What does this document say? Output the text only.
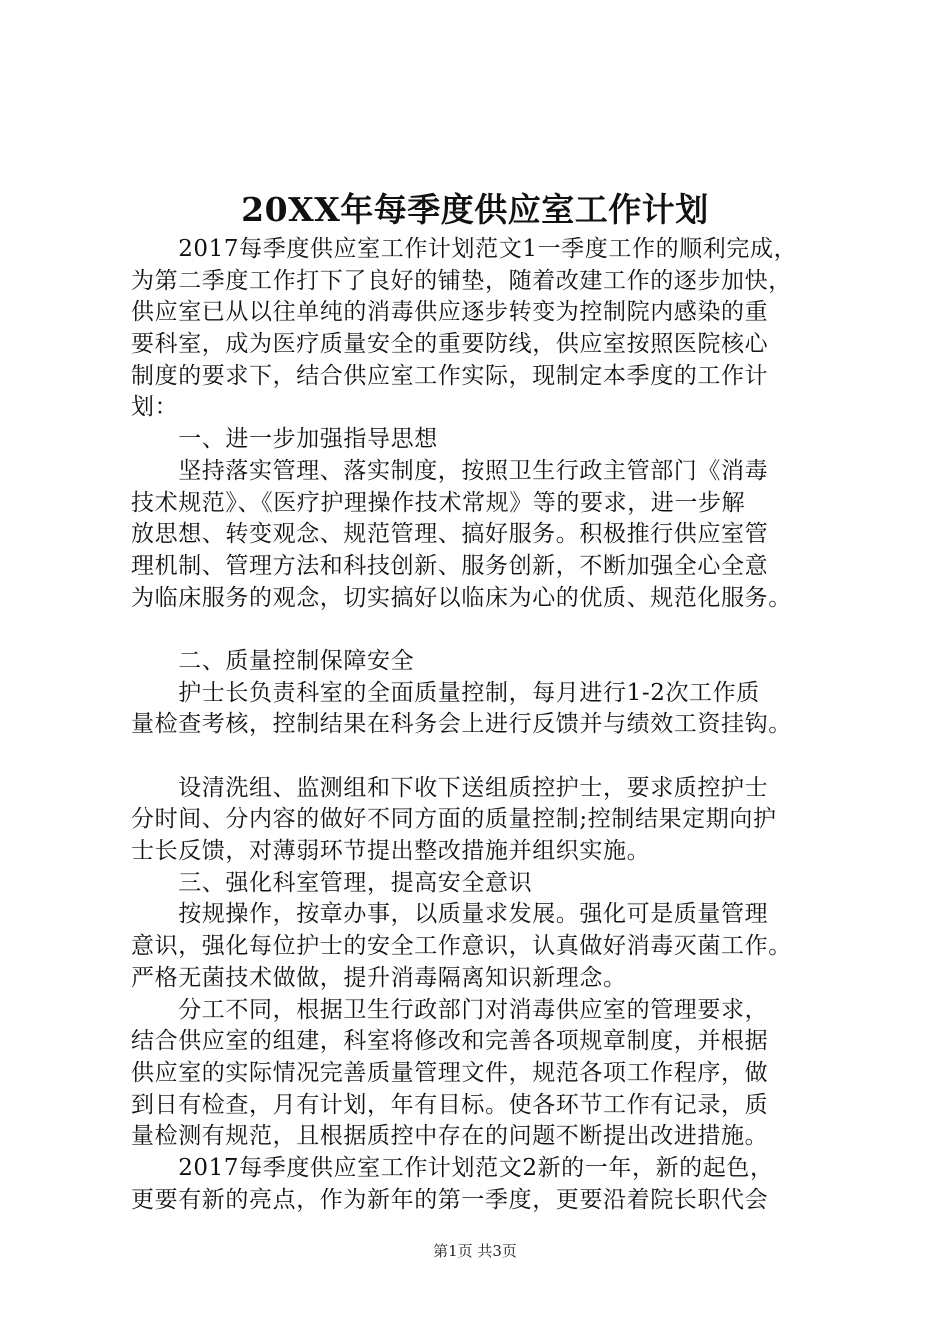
20XX年每季度供应室工作计划
　　2017每季度供应室工作计划范文1一季度工作的顺利完成，
为第二季度工作打下了良好的铺垫，随着改建工作的逐步加快，
供应室已从以往单纯的消毒供应逐步转变为控制院内感染的重
要科室，成为医疗质量安全的重要防线，供应室按照医院核心
制度的要求下，结合供应室工作实际，现制定本季度的工作计
划：
　　一、进一步加强指导思想
　　坚持落实管理、落实制度，按照卫生行政主管部门《消毒
技术规范》、《医疗护理操作技术常规》等的要求，进一步解
放思想、转变观念、规范管理、搞好服务。积极推行供应室管
理机制、管理方法和科技创新、服务创新，不断加强全心全意
为临床服务的观念，切实搞好以临床为心的优质、规范化服务。
　　二、质量控制保障安全
　　护士长负责科室的全面质量控制，每月进行1-2次工作质
量检查考核，控制结果在科务会上进行反馈并与绩效工资挂钩。
　　设清洗组、监测组和下收下送组质控护士，要求质控护士
分时间、分内容的做好不同方面的质量控制;控制结果定期向护
士长反馈，对薄弱环节提出整改措施并组织实施。
　　三、强化科室管理，提高安全意识
　　按规操作，按章办事，以质量求发展。强化可是质量管理
意识，强化每位护士的安全工作意识，认真做好消毒灭菌工作。
严格无菌技术做做，提升消毒隔离知识新理念。
　　分工不同，根据卫生行政部门对消毒供应室的管理要求，
结合供应室的组建，科室将修改和完善各项规章制度，并根据
供应室的实际情况完善质量管理文件，规范各项工作程序，做
到日有检查，月有计划，年有目标。使各环节工作有记录，质
量检测有规范，且根据质控中存在的问题不断提出改进措施。
　　2017每季度供应室工作计划范文2新的一年，新的起色，
更要有新的亮点，作为新年的第一季度，更要沿着院长职代会
第1页 共3页
